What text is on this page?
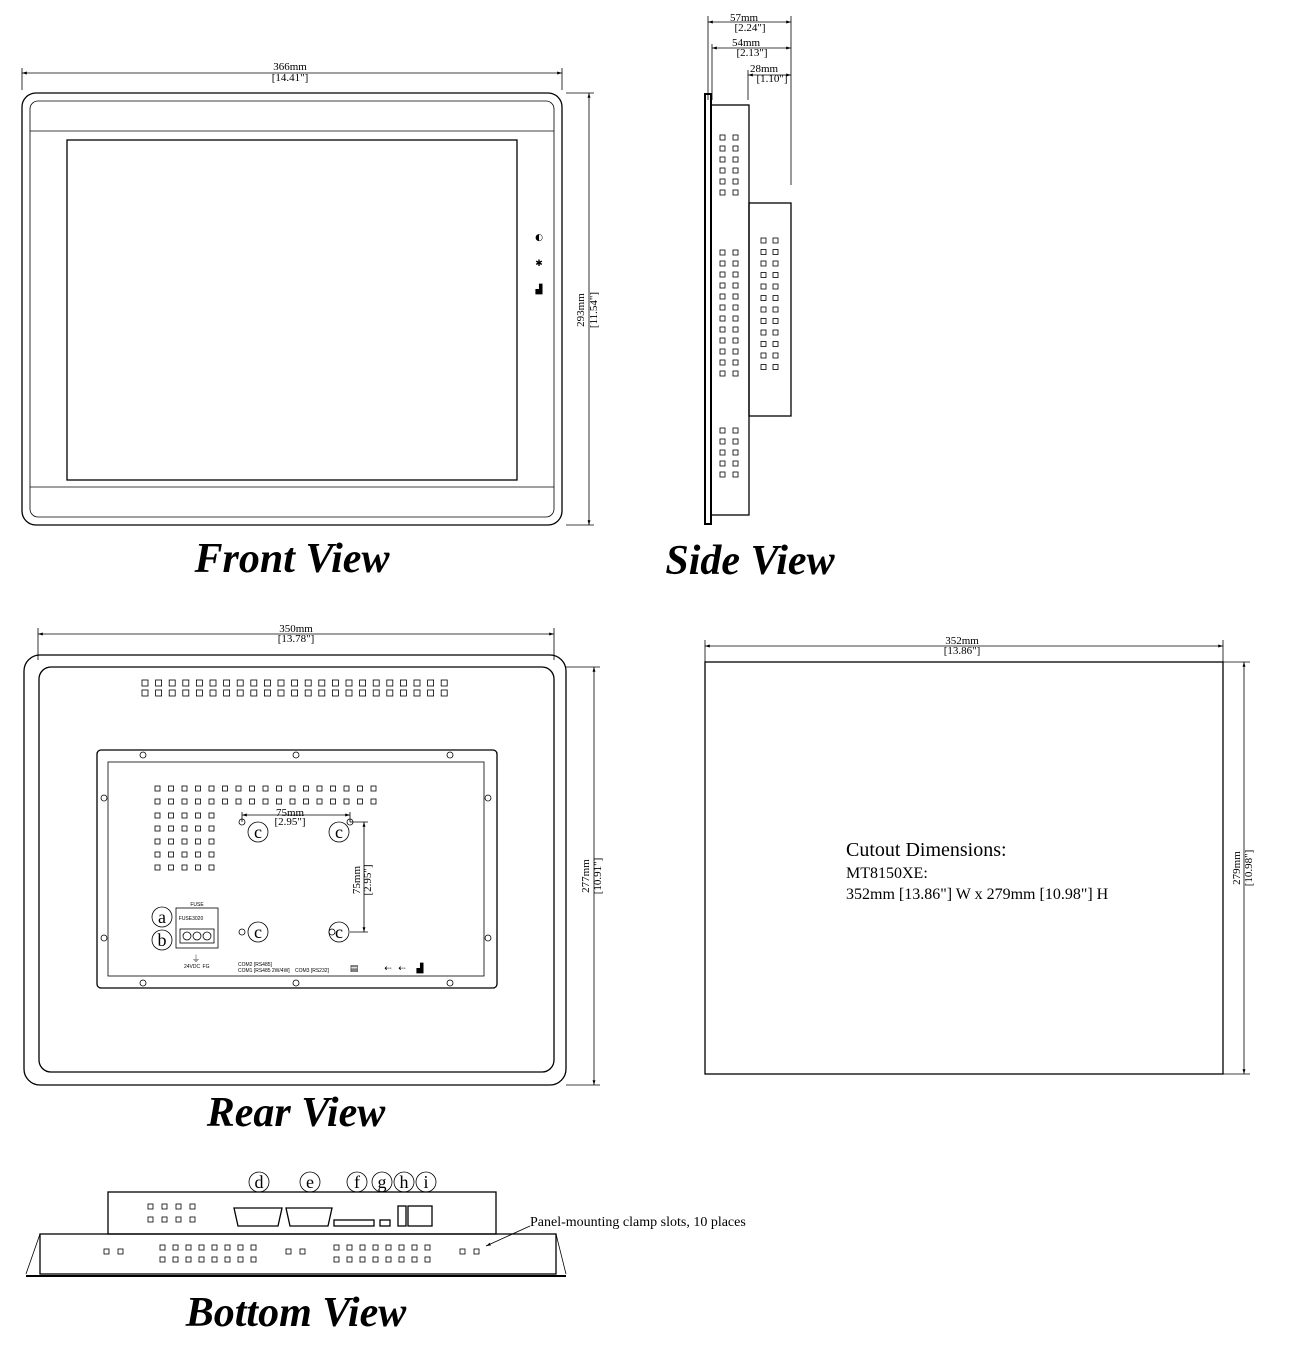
366mm
[14.41"]
◐
✱
▟
293mm [11.54"]
Front View
57mm
[2.24"]
54mm
[2.13"]
28mm
[1.10"]
Side View
350mm
[13.78"]
75mm
[2.95"]
75mm [2.95"]
c	c
c	c
FUSE
FUSE3020
a
b
24VDC FG
⏚	COM2 [RS485]
COM1 [RS485 2W/4W] COM3 [RS232] ▤	⇠ ⇠ ▟
277mm [10.91"]
Rear View
352mm
[13.86"]
279mm [10.98"]
Cutout Dimensions:
MT8150XE:
352mm [13.86"] W x 279mm [10.98"] H
d e f g h i
Panel-mounting clamp slots, 10 places
Bottom View
